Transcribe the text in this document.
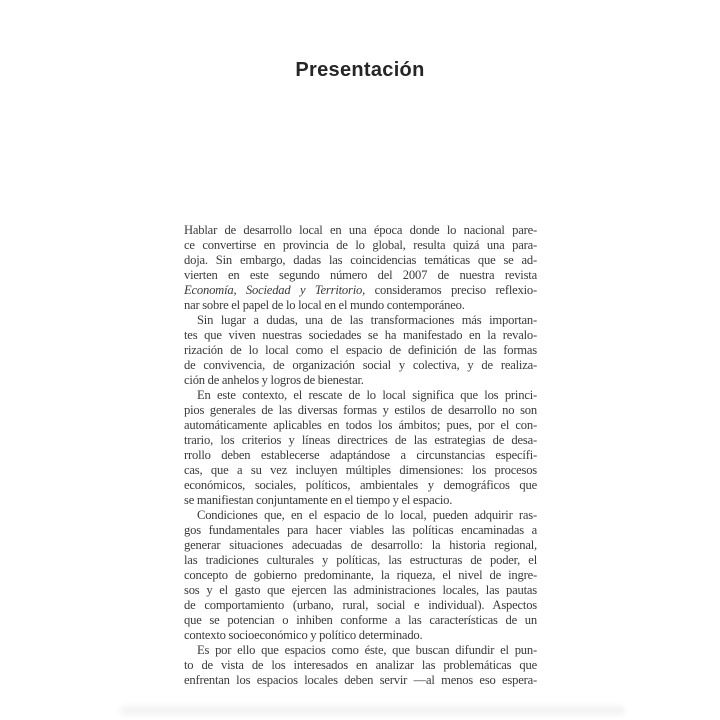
Presentación
Hablar de desarrollo local en una época donde lo nacional pare-
ce convertirse en provincia de lo global, resulta quizá una para-
doja. Sin embargo, dadas las coincidencias temáticas que se ad-
vierten en este segundo número del 2007 de nuestra revista
Economía, Sociedad y Territorio, consideramos preciso reflexio-
nar sobre el papel de lo local en el mundo contemporáneo.
Sin lugar a dudas, una de las transformaciones más importan-
tes que viven nuestras sociedades se ha manifestado en la revalo-
rización de lo local como el espacio de definición de las formas
de convivencia, de organización social y colectiva, y de realiza-
ción de anhelos y logros de bienestar.
En este contexto, el rescate de lo local significa que los princi-
pios generales de las diversas formas y estilos de desarrollo no son
automáticamente aplicables en todos los ámbitos; pues, por el con-
trario, los criterios y líneas directrices de las estrategias de desa-
rrollo deben establecerse adaptándose a circunstancias específi-
cas, que a su vez incluyen múltiples dimensiones: los procesos
económicos, sociales, políticos, ambientales y demográficos que
se manifiestan conjuntamente en el tiempo y el espacio.
Condiciones que, en el espacio de lo local, pueden adquirir ras-
gos fundamentales para hacer viables las políticas encaminadas a
generar situaciones adecuadas de desarrollo: la historia regional,
las tradiciones culturales y políticas, las estructuras de poder, el
concepto de gobierno predominante, la riqueza, el nivel de ingre-
sos y el gasto que ejercen las administraciones locales, las pautas
de comportamiento (urbano, rural, social e individual). Aspectos
que se potencian o inhiben conforme a las características de un
contexto socioeconómico y político determinado.
Es por ello que espacios como éste, que buscan difundir el pun-
to de vista de los interesados en analizar las problemáticas que
enfrentan los espacios locales deben servir —al menos eso espera-
